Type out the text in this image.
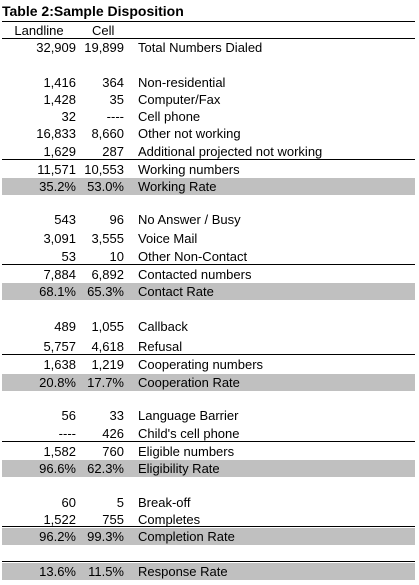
Table 2:Sample Disposition
Landline	Cell
32,909 19,899 Total Numbers Dialed
1,416 364 Non-residential
1,428	35 Computer/Fax
32 ---- Cell phone
16,833 8,660 Other not working
1,629 287 Additional projected not working
11,571 10,553 Working numbers
35.2% 53.0% Working Rate
543	96 No Answer / Busy
3,091 3,555 Voice Mail
53	10 Other Non-Contact
7,884 6,892 Contacted numbers
68.1% 65.3% Contact Rate
489 1,055 Callback
5,757 4,618 Refusal
1,638 1,219 Cooperating numbers
20.8% 17.7% Cooperation Rate
56	33 Language Barrier
---- 426 Child's cell phone
1,582 760 Eligible numbers
96.6% 62.3% Eligibility Rate
60	5 Break-off
1,522 755 Completes
96.2% 99.3% Completion Rate
13.6% 11.5% Response Rate
